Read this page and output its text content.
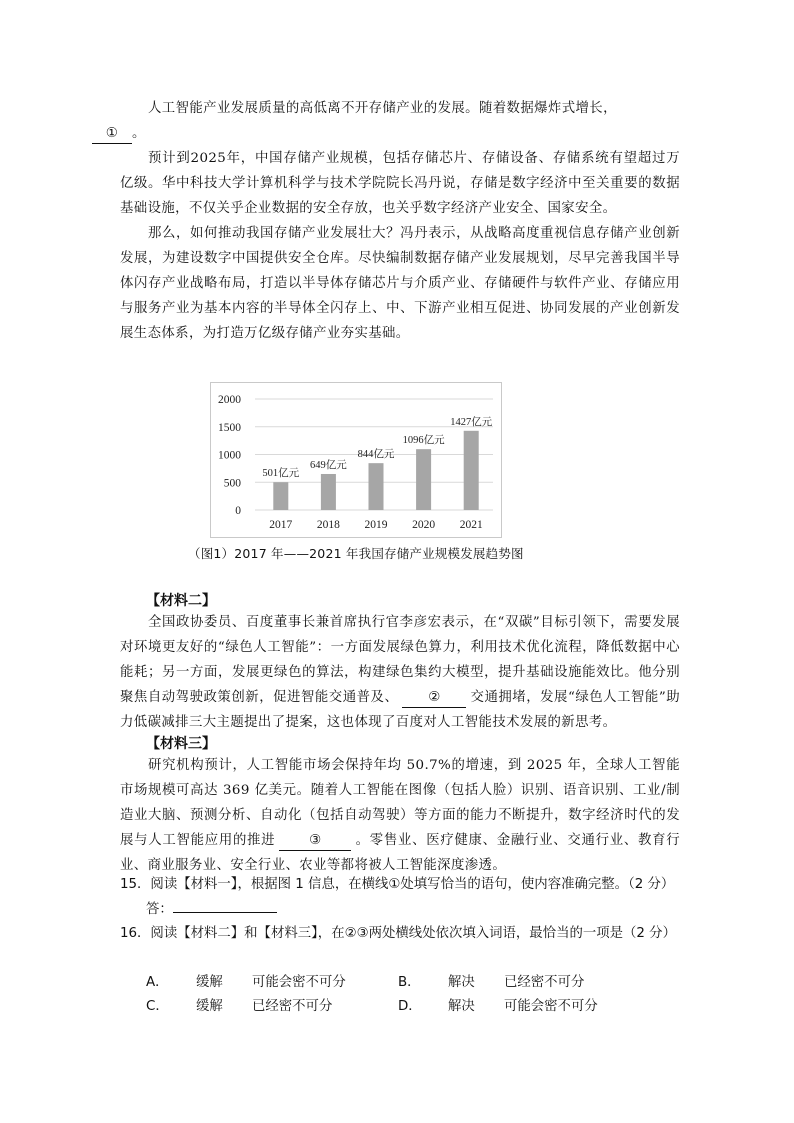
人工智能产业发展质量的高低离不开存储产业的发展。随着数据爆炸式增长，
① 。

预计到2025年，中国存储产业规模，包括存储芯片、存储设备、存储系统有望超过万亿级。华中科技大学计算机科学与技术学院院长冯丹说，存储是数字经济中至关重要的数据基础设施，不仅关乎企业数据的安全存放，也关乎数字经济产业安全、国家安全。

那么，如何推动我国存储产业发展壮大？冯丹表示，从战略高度重视信息存储产业创新发展，为建设数字中国提供安全仓库。尽快编制数据存储产业发展规划，尽早完善我国半导体闪存产业战略布局，打造以半导体存储芯片与介质产业、存储硬件与软件产业、存储应用与服务产业为基本内容的半导体全闪存上、中、下游产业相互促进、协同发展的产业创新发展生态体系，为打造万亿级存储产业夯实基础。

0
500
1000
1500
2000
501亿元
2017
649亿元
2018
844亿元
2019
1096亿元
2020
1427亿元
2021
（图1）2017 年——2021 年我国存储产业规模发展趋势图
【材料二】

全国政协委员、百度董事长兼首席执行官李彦宏表示，在“双碳”目标引领下，需要发展对环境更友好的“绿色人工智能”：一方面发展绿色算力，利用技术优化流程，降低数据中心能耗；另一方面，发展更绿色的算法，构建绿色集约大模型，提升基础设施能效比。他分别聚焦自动驾驶政策创新，促进智能交通普及、 ② 交通拥堵，发展“绿色人工智能”助力低碳减排三大主题提出了提案，这也体现了百度对人工智能技术发展的新思考。

【材料三】

研究机构预计，人工智能市场会保持年均 50.7%的增速，到 2025 年，全球人工智能市场规模可高达 369 亿美元。随着人工智能在图像（包括人脸）识别、语音识别、工业/制造业大脑、预测分析、自动化（包括自动驾驶）等方面的能力不断提升，数字经济时代的发展与人工智能应用的推进	③	。零售业、医疗健康、金融行业、交通行业、教育行业、商业服务业、安全行业、农业等都将被人工智能深度渗透。

15．阅读【材料一】，根据图 1 信息，在横线①处填写恰当的语句，使内容准确完整。（2 分）

答：

16．阅读【材料二】和【材料三】，在②③两处横线处依次填入词语，最恰当的一项是（2 分）

A． 缓解 可能会密不可分	B． 解决 已经密不可分
C． 缓解 已经密不可分	D． 解决 可能会密不可分
